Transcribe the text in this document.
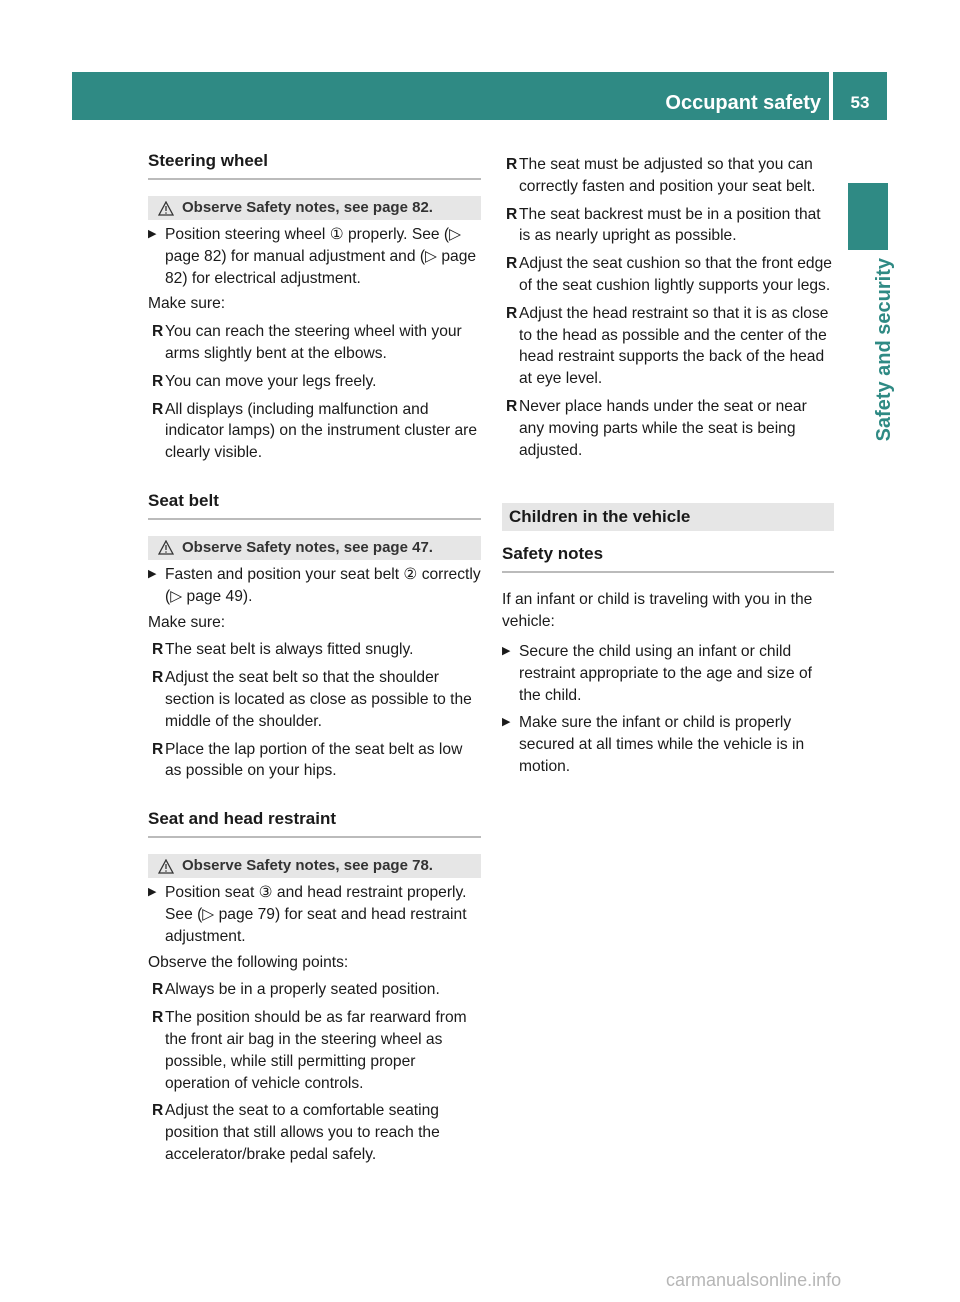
Occupant safety	53
Safety and security
Steering wheel
Observe Safety notes, see page 82.
▶ Position steering wheel ① properly. See (▷ page 82) for manual adjustment and (▷ page 82) for electrical adjustment.

Make sure:

R You can reach the steering wheel with your arms slightly bent at the elbows.
R You can move your legs freely.
R All displays (including malfunction and indicator lamps) on the instrument cluster are clearly visible.
Seat belt
Observe Safety notes, see page 47.
▶ Fasten and position your seat belt ② correctly (▷ page 49).

Make sure:

R The seat belt is always fitted snugly.
R Adjust the seat belt so that the shoulder section is located as close as possible to the middle of the shoulder.
R Place the lap portion of the seat belt as low as possible on your hips.
Seat and head restraint
Observe Safety notes, see page 78.
▶ Position seat ③ and head restraint properly. See (▷ page 79) for seat and head restraint adjustment.

Observe the following points:

R Always be in a properly seated position.
R The position should be as far rearward from the front air bag in the steering wheel as possible, while still permitting proper operation of vehicle controls.
R Adjust the seat to a comfortable seating position that still allows you to reach the accelerator/brake pedal safely.
R The seat must be adjusted so that you can correctly fasten and position your seat belt.
R The seat backrest must be in a position that is as nearly upright as possible.
R Adjust the seat cushion so that the front edge of the seat cushion lightly supports your legs.
R Adjust the head restraint so that it is as close to the head as possible and the center of the head restraint supports the back of the head at eye level.
R Never place hands under the seat or near any moving parts while the seat is being adjusted.
Children in the vehicle
Safety notes

If an infant or child is traveling with you in the vehicle:

▶ Secure the child using an infant or child restraint appropriate to the age and size of the child.
▶ Make sure the infant or child is properly secured at all times while the vehicle is in motion.
carmanualsonline.info
